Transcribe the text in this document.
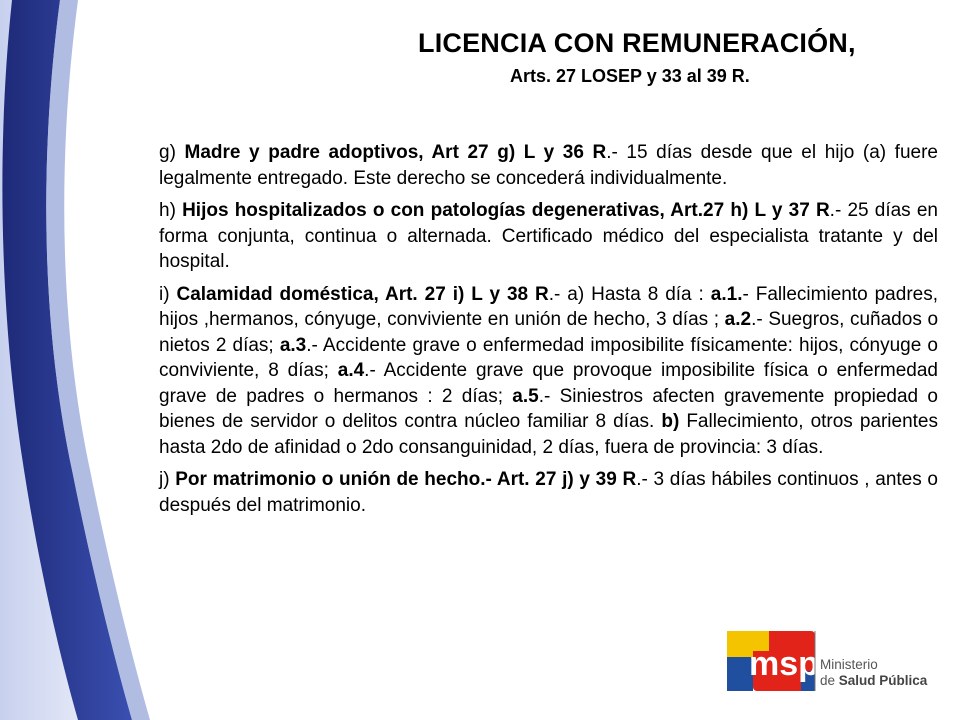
LICENCIA CON REMUNERACIÓN,
Arts. 27 LOSEP y 33 al 39 R.

g) Madre y padre adoptivos, Art 27 g) L y 36 R.- 15 días desde que el hijo (a) fuere legalmente entregado. Este derecho se concederá individualmente.

h) Hijos hospitalizados o con patologías degenerativas, Art.27 h) L y 37 R.- 25 días en forma conjunta, continua o alternada. Certificado médico del especialista tratante y del hospital.

i) Calamidad doméstica, Art. 27 i) L y 38 R.- a) Hasta 8 día : a.1.- Fallecimiento padres, hijos ,hermanos, cónyuge, conviviente en unión de hecho, 3 días ; a.2.- Suegros, cuñados o nietos 2 días; a.3.- Accidente grave o enfermedad imposibilite físicamente: hijos, cónyuge o conviviente, 8 días; a.4.- Accidente grave que provoque imposibilite física o enfermedad grave de padres o hermanos : 2 días; a.5.- Siniestros afecten gravemente propiedad o bienes de servidor o delitos contra núcleo familiar 8 días. b) Fallecimiento, otros parientes hasta 2do de afinidad o 2do consanguinidad, 2 días, fuera de provincia: 3 días.

j) Por matrimonio o unión de hecho.- Art. 27 j) y 39 R.- 3 días hábiles continuos , antes o después del matrimonio.

msp Ministerio
de Salud Pública
